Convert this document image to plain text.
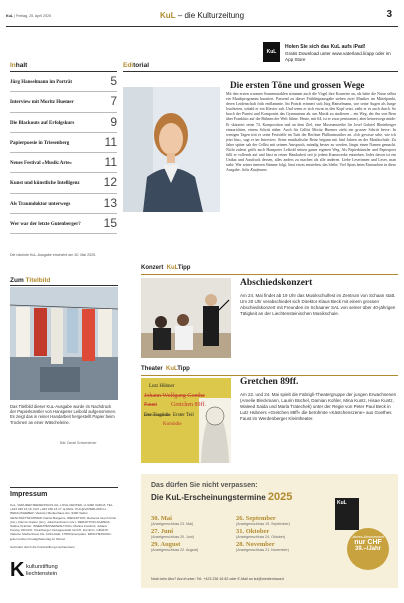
KuL | Freitag, 25. April 2025	KuL – die Kulturzeitung	3
KuL
Holen Sie sich das KuL aufs iPad!
Gratis Download unter www.vaterland.li/app oder im App Store
Inhalt
Jürg Hanselmann im Porträt	5
Interview mit Moritz Huemer	7
Die Blackouts auf Erfolgskurs	9
Papierpoesie in Triesenberg	11
Neues Festival «Musik:Arte»	11
Kunst und künstliche Intelligenz 12
Als Traumdoktor unterwegs	13
Wer war der letzte Gutenberger? 15
Die nächste KuL-Ausgabe erscheint am 30. Mai 2025.
Editorial
Die ersten Töne und grossen Wege
Mit den ersten warmen Sonnenstrahlen stimmen auch die Vögel ihre Konzerte an, als hätte die Natur selbst ein Musikprogramm kuratiert. Passend zu dieser Frühlingsausgabe stehen zwei Musiker im Mittelpunkt, deren Leidenschaft früh entflammte. Im Porträt erinnert sich Jürg Hanselmann, wie seine Augen als Junge leuchteten, sobald er ein Klavier sah. Und wenn er sich etwas in den Kopf setzt, zieht er es auch durch. So brach der Pianist und Komponist das Gymnasium ab, um Musik zu studieren – ein Weg, der ihn von Bern über Frankfurt auf die Bühnen der Welt führte. Heute, mit 64, ist er zwar pensioniert, aber keineswegs müde: Er skizziert seine 74. Komposition und an dem Ziel, eine Museumsreihe für Josef Gabriel Rheinberger einzurichten, einem Schritt näher. Auch für Cellist Moritz Huemer zieht ein grosser Schritt bevor: In wenigen Tagen tritt er seine Feststelle im Tutti der Berliner Philharmoniker an. «Ich gewisse sehe, wie ich jetzt bin», sagt er im Interview. Seine musikalische Reise begann mit fünf Jahren an der Musikschule. Zu Jahre später sah der Cellist mit seinem Amsprach, mündig besser zu werden, längst einen Namen gemacht. Nicht zuletzt griffs auch Hanspeter Leibold seinen ganze eigenen Weg. Als Papierkünstler und Papierpoet füllt er vollends auf und lässt in reiner Handarbeit seit je jedem Kunstwerke entstehen. Jedes davon ist ein Unikat und Ausdruck dessen, alles anders zu machen als alle anderen. Liebe Leserinnen und Leser, man sieht: Wer seiner inneren Stimme folgt, lässt etwas entstehen, das bleibt. Viel Spass beim Eintauchen in diese Ausgabe. Julia Kaufmann
Zum Titelbild
Das Titelbild dieser KuL-Ausgabe wurde im Nachdruck der Papierkünstler von Hanspeter Leibold aufgenommen. Es zeigt das in reiner Handarbeit hergestellt Papier beim Trocknen an einer Wäscheleine.
Bild: Daniel Schwendener
Impressum
KuL, VADUZER MEDIENHAUS AG, LOVA-CENTER, LI-9490 VADUZ, TEL. +423 236 16 16, FAX +423 236 16 17, E-MAIL: KUL@VATERLAND.LI. HERAUSGEBER: Vaduzer Medienhaus AG, 9490 Vaduz. GESCHÄFTSFÜHRER: Daniel Bargetze. REDAKTION: Rebecca Grech Frick (stv.), Ramon Kaiser (stv.), Julia Kaufmann (stv.). REDAKTION AGENDA: Sabine Kräntler. INSERATENVERWALTUNG: Marina Foschini, Juliana Kanzig. DRUCK: Vorarlberger Verlagsanstalt GmbH, Dornbirn. GRAFIK: Vaduzer Medienhaus AG. AUFLAGE: 17500 Exemplare. ERSCHEINUNG: jeden letzten Freitag/Samstag im Monat.

Gefördert durch die Kulturstiftung Liechtenstein
K kulturstiftung
liechtenstein
Konzert KuLTipp
Abschiedskonzert
Am 24. Mai findet ab 19 Uhr das Musikschulfest im Zentrum von Schaan statt. Um 20 Uhr verabschiedet sich Direktor Klaus Beck mit einem grossen Abschiedskonzert mit Freunden im Schaaner SAL von seiner über 40-jährigen Tätigkeit an der Liechtensteinischen Musikschule.
Theater KuLTipp
Lutz Hübner
Johann Wolfgang Goethe
Faust Gretchen 89ff.
Der Tragödie Erster Teil
Komödie
Gretchen 89ff.
Am 22. und 24. Mai spielt die Fabrigli-Theatergruppe der jungen Erwachsenen (Amelie Bleckmann, Laurin Büchel, Damian Kohler, Mina Kuntz, Hisae Kuntz, Waleed Saida und Marla Tratechek) unter der Regie von Peter Paul Beck in Lutz Hübners «Gretchen 89ff» die berühmte «Kästchenszene» aus Goethes Faust im Werdenberger Kleintheater.
Das dürfen Sie nicht verpassen:
Die KuL-Erscheinungstermine 2025
30. Mai
(Anzeigenschluss 23. Mai)
27. Juni
(Anzeigenschluss 20. Juni)
29. August
(Anzeigenschluss 22. August)
26. September
(Anzeigenschluss 19. September)
31. Oktober
(Anzeigenschluss 24. Oktober)
28. November
(Anzeigenschluss 21. November)
KuL
Jahres-Abonnement
nur CHF
39.–/Jahr
Noch kein Abo? Anruf unter: Tel. +423 236 16 82 oder E-Mail an kul@medienhaus.li
